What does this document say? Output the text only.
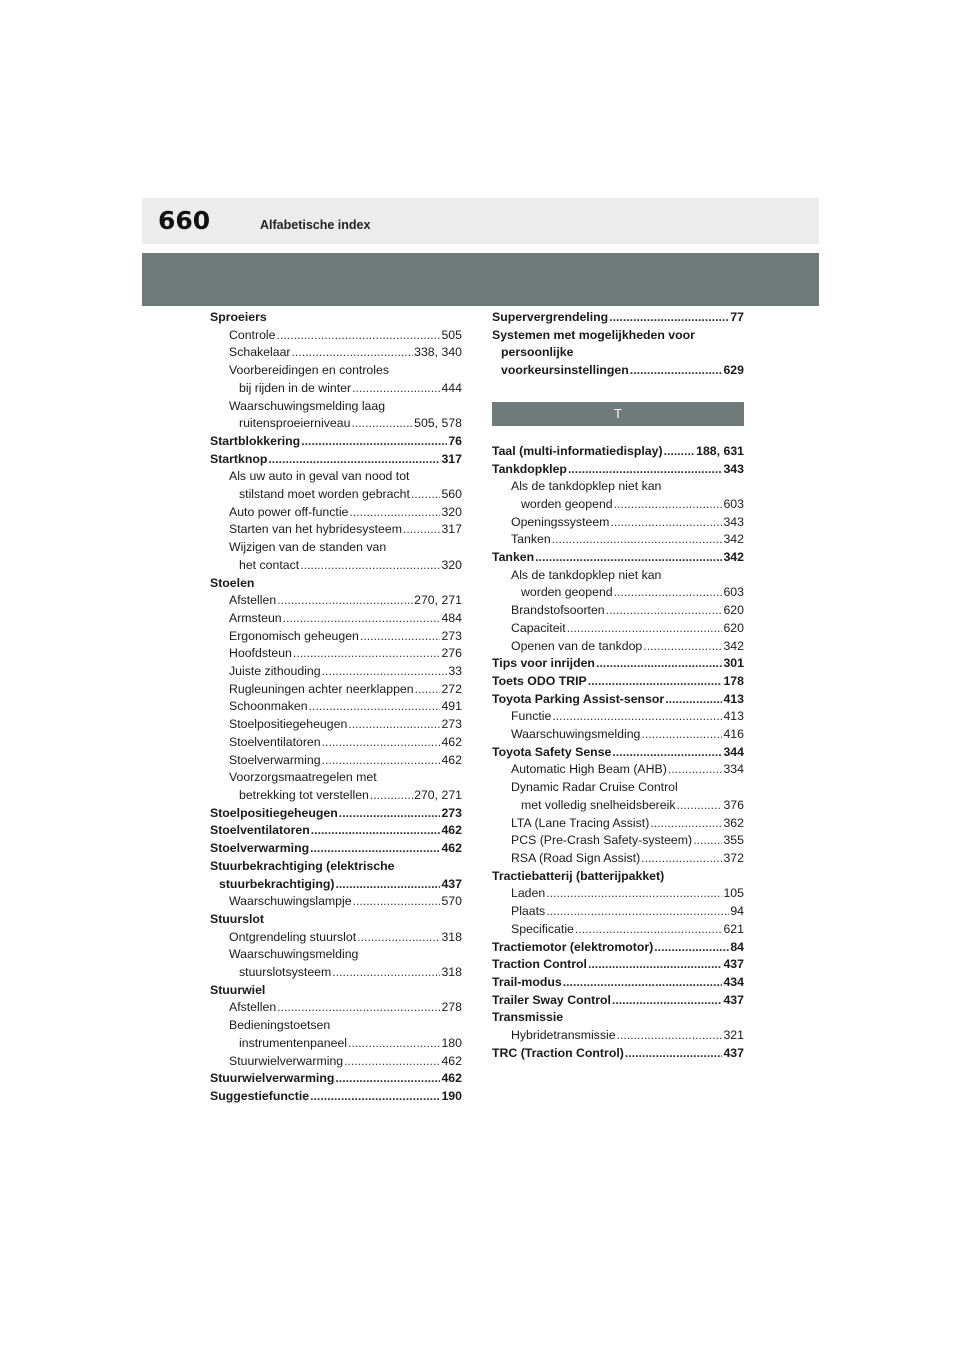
660	Alfabetische index
Sproeiers
Controle .....	505
Schakelaar .....	338, 340
Voorbereidingen en controles
bij rijden in de winter .....	444
Waarschuwingsmelding laag
ruitensproeierniveau .....	505, 578
Startblokkering .....	76
Startknop .....	317
Als uw auto in geval van nood tot
stilstand moet worden gebracht .....	560
Auto power off-functie .....	320
Starten van het hybridesysteem .....	317
Wijzigen van de standen van
het contact .....	320
Stoelen
Afstellen .....	270, 271
Armsteun .....	484
Ergonomisch geheugen .....	273
Hoofdsteun .....	276
Juiste zithouding .....	33
Rugleuningen achter neerklappen ..... 272
Schoonmaken .....	491
Stoelpositiegeheugen .....	273
Stoelventilatoren .....	462
Stoelverwarming .....	462
Voorzorgsmaatregelen met
betrekking tot verstellen .....	270, 271
Stoelpositiegeheugen .....	273
Stoelventilatoren .....	462
Stoelverwarming .....	462
Stuurbekrachtiging (elektrische
stuurbekrachtiging) .....	437
Waarschuwingslampje .....	570
Stuurslot
Ontgrendeling stuurslot .....	318
Waarschuwingsmelding
stuurslotsysteem .....	318
Stuurwiel
Afstellen .....	278
Bedieningstoetsen
instrumentenpaneel .....	180
Stuurwielverwarming .....	462
Stuurwielverwarming .....	462
Suggestiefunctie .....	190
Supervergrendeling .....	77
Systemen met mogelijkheden voor
persoonlijke
voorkeursinstellingen .....	629
T
Taal (multi-informatiedisplay) .....	188, 631
Tankdopklep .....	343
Als de tankdopklep niet kan
worden geopend .....	603
Openingssysteem .....	343
Tanken .....	342
Tanken .....	342
Als de tankdopklep niet kan
worden geopend .....	603
Brandstofsoorten .....	620
Capaciteit .....	620
Openen van de tankdop .....	342
Tips voor inrijden .....	301
Toets ODO TRIP .....	178
Toyota Parking Assist-sensor .....	413
Functie .....	413
Waarschuwingsmelding .....	416
Toyota Safety Sense .....	344
Automatic High Beam (AHB) .....	334
Dynamic Radar Cruise Control
met volledig snelheidsbereik .....	376
LTA (Lane Tracing Assist) .....	362
PCS (Pre-Crash Safety-systeem) .....	355
RSA (Road Sign Assist) .....	372
Tractiebatterij (batterijpakket)
Laden .....	105
Plaats .....	94
Specificatie .....	621
Tractiemotor (elektromotor) .....	84
Traction Control .....	437
Trail-modus .....	434
Trailer Sway Control .....	437
Transmissie
Hybridetransmissie .....	321
TRC (Traction Control) .....	437
